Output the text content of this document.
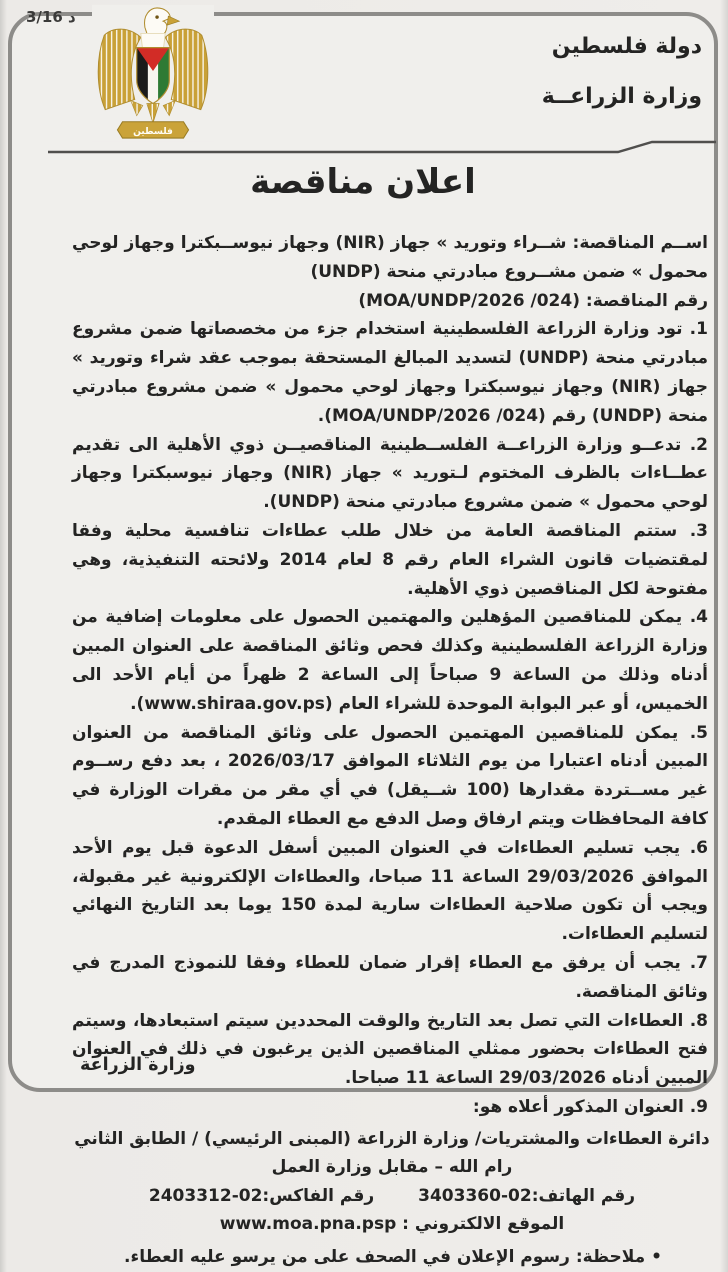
د 3/16
فلسطين
دولة فلسطين
وزارة الزراعــة
اعلان مناقصة

اســم المناقصة: شــراء وتوريد » جهاز (NIR) وجهاز نيوســبكترا وجهاز لوحي محمول » ضمن مشــروع مبادرتي منحة (UNDP)

رقم المناقصة: (024/ MOA/UNDP/2026)

1. تود وزارة الزراعة الفلسطينية استخدام جزء من مخصصاتها ضمن مشروع مبادرتي منحة (UNDP) لتسديد المبالغ المستحقة بموجب عقد شراء وتوريد » جهاز (NIR) وجهاز نيوسبكترا وجهاز لوحي محمول » ضمن مشروع مبادرتي منحة (UNDP) رقم (024/ MOA/UNDP/2026).

2. تدعــو وزارة الزراعــة الفلســطينية المناقصيــن ذوي الأهلية الى تقديم عطــاءات بالظرف المختوم لـتوريد » جهاز (NIR) وجهاز نيوسبكترا وجهاز لوحي محمول » ضمن مشروع مبادرتي منحة (UNDP).

3. ستتم المناقصة العامة من خلال طلب عطاءات تنافسية محلية وفقا لمقتضيات قانون الشراء العام رقم 8 لعام 2014 ولائحته التنفيذية، وهي مفتوحة لكل المناقصين ذوي الأهلية.

4. يمكن للمناقصين المؤهلين والمهتمين الحصول على معلومات إضافية من وزارة الزراعة الفلسطينية وكذلك فحص وثائق المناقصة على العنوان المبين أدناه وذلك من الساعة 9 صباحاً إلى الساعة 2 ظهراً من أيام الأحد الى الخميس، أو عبر البوابة الموحدة للشراء العام (www.shiraa.gov.ps).

5. يمكن للمناقصين المهتمين الحصول على وثائق المناقصة من العنوان المبين أدناه اعتبارا من يوم الثلاثاء الموافق 2026/03/17 ، بعد دفع رســوم غير مســتردة مقدارها (100 شــيقل) في أي مقر من مقرات الوزارة في كافة المحافظات ويتم ارفاق وصل الدفع مع العطاء المقدم.

6. يجب تسليم العطاءات في العنوان المبين أسفل الدعوة قبل يوم الأحد الموافق 29/03/2026 الساعة 11 صباحا، والعطاءات الإلكترونية غير مقبولة، ويجب أن تكون صلاحية العطاءات سارية لمدة 150 يوما بعد التاريخ النهائي لتسليم العطاءات.

7. يجب أن يرفق مع العطاء إقرار ضمان للعطاء وفقا للنموذج المدرج في وثائق المناقصة.

8. العطاءات التي تصل بعد التاريخ والوقت المحددين سيتم استبعادها، وسيتم فتح العطاءات بحضور ممثلي المناقصين الذين يرغبون في ذلك في العنوان المبين أدناه 29/03/2026 الساعة 11 صباحا.

9. العنوان المذكور أعلاه هو:

دائرة العطاءات والمشتريات/ وزارة الزراعة (المبنى الرئيسي) / الطابق الثاني

رام الله – مقابل وزارة العمل

رقم الهاتف:02-3403360رقم الفاكس:02-2403312

الموقع الالكتروني : www.moa.pna.psp

• ملاحظة: رسوم الإعلان في الصحف على من يرسو عليه العطاء.

وزارة الزراعة
